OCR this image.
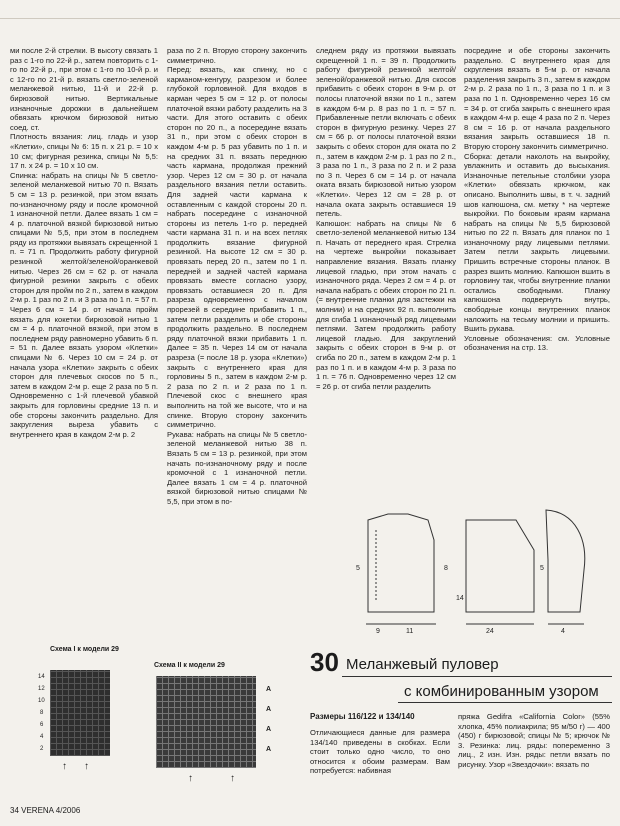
ми после 2-й стрелки. В высоту связать 1 раз с 1-го по 22-й р., затем повторить с 1-го по 22-й р., при этом с 1-го по 10-й р. и с 12-го по 21-й р. вязать светло-зеленой меланжевой нитью, 11-й и 22-й р. бирюзовой нитью. Вертикальные изнаночные дорожки в дальнейшем обвязать крючком бирюзовой нитью соед. ст.

Плотность вязания: лиц. гладь и узор «Клетки», спицы № 6: 15 п. х 21 р. = 10 х 10 см; фигурная резинка, спицы № 5,5: 17 п. х 24 р. = 10 х 10 см.

Спинка: набрать на спицы № 5 светло-зеленой меланжевой нитью 70 п. Вязать 5 см = 13 р. резинкой, при этом вязать по-изнаночному ряду и после кромочной 1 изнаночной петли. Далее вязать 1 см = 4 р. платочной вязкой бирюзовой нитью спицами № 5,5, при этом в последнем ряду из протяжки вывязать скрещенной 1 п. = 71 п. Продолжить работу фигурной резинкой желтой/зеленой/оранжевой нитью. Через 26 см = 62 р. от начала фигурной резинки закрыть с обеих сторон для пройм по 2 п., затем в каждом 2-м р. 1 раз по 2 п. и 3 раза по 1 п. = 57 п. Через 6 см = 14 р. от начала пройм вязать для кокетки бирюзовой нитью 1 см = 4 р. платочной вязкой, при этом в последнем ряду равномерно убавить 6 п. = 51 п. Далее вязать узором «Клетки» спицами № 6. Через 10 см = 24 р. от начала узора «Клетки» закрыть с обеих сторон для плечевых скосов по 5 п., затем в каждом 2-м р. еще 2 раза по 5 п. Одновременно с 1-й плечевой убавкой закрыть для горловины средние 13 п. и обе стороны закончить раздельно. Для закругления выреза убавить с внутреннего края в каждом 2-м р. 2

раза по 2 п. Вторую сторону закончить симметрично.

Перед: вязать, как спинку, но с карманом-кенгуру, разрезом и более глубокой горловиной. Для входов в карман через 5 см = 12 р. от полосы платочной вязки работу разделить на 3 части. Для этого оставить с обеих сторон по 20 п., а посередине вязать 31 п., при этом с обеих сторон в каждом 4-м р. 5 раз убавить по 1 п. и на средних 31 п. вязать переднюю часть кармана, продолжая прежний узор. Через 12 см = 30 р. от начала раздельного вязания петли оставить. Для задней части кармана к оставленным с каждой стороны 20 п. набрать посередине с изнаночной стороны из петель 1-го р. передней части кармана 31 п. и на всех петлях продолжить вязание фигурной резинкой. На высоте 12 см = 30 р. провязать перед 20 п., затем по 1 п. передней и задней частей кармана провязать вместе согласно узору, провязать оставшиеся 20 п. Для разреза одновременно с началом прорезей в середине прибавить 1 п., затем петли разделить и обе стороны продолжить раздельно. В последнем ряду платочной вязки прибавить 1 п. Далее = 35 п. Через 14 см от начала разреза (= после 18 р. узора «Клетки») закрыть с внутреннего края для горловины 5 п., затем в каждом 2-м р. 2 раза по 2 п. и 2 раза по 1 п. Плечевой скос с внешнего края выполнить на той же высоте, что и на спинке. Вторую сторону закончить симметрично.

Рукава: набрать на спицы № 5 светло-зеленой меланжевой нитью 38 п. Вязать 5 см = 13 р. резинкой, при этом начать по-изнаночному ряду и после кромочной с 1 изнаночной петли. Далее вязать 1 см = 4 р. платочной вязкой бирюзовой нитью спицами № 5,5, при этом в по-

следнем ряду из протяжки вывязать скрещенной 1 п. = 39 п. Продолжить работу фигурной резинкой желтой/зеленой/оранжевой нитью. Для скосов прибавить с обеих сторон в 9-м р. от полосы платочной вязки по 1 п., затем в каждом 6-м р. 8 раз по 1 п. = 57 п. Прибавленные петли включать с обеих сторон в фигурную резинку. Через 27 см = 66 р. от полосы платочной вязки закрыть с обеих сторон для оката по 2 п., затем в каждом 2-м р. 1 раз по 2 п., 3 раза по 1 п., 3 раза по 2 п. и 2 раза по 3 п. Через 6 см = 14 р. от начала оката вязать бирюзовой нитью узором «Клетки». Через 12 см = 28 р. от начала оката закрыть оставшиеся 19 петель.

Капюшон: набрать на спицы № 6 светло-зеленой меланжевой нитью 134 п. Начать от переднего края. Стрелка на чертеже выкройки показывает направление вязания. Вязать планку лицевой гладью, при этом начать с изнаночного ряда. Через 2 см = 4 р. от начала набрать с обеих сторон по 21 п. (= внутренние планки для застежки на молнии) и на средних 92 п. выполнить для сгиба 1 изнаночный ряд лицевыми петлями. Затем продолжить работу лицевой гладью. Для закруглений закрыть с обеих сторон в 9-м р. от сгиба по 20 п., затем в каждом 2-м р. 1 раз по 1 п. и в каждом 4-м р. 3 раза по 1 п. = 76 п. Одновременно через 12 см = 26 р. от сгиба петли разделить

посредине и обе стороны закончить раздельно. С внутреннего края для скругления вязать в 5-м р. от начала разделения закрыть 3 п., затем в каждом 2-м р. 2 раза по 1 п., 3 раза по 1 п. и 3 раза по 1 п. Одновременно через 16 см = 34 р. от сгиба закрыть с внешнего края в каждом 4-м р. еще 4 раза по 2 п. Через 8 см = 16 р. от начала раздельного вязания закрыть оставшиеся 18 п. Вторую сторону закончить симметрично.

Сборка: детали наколоть на выкройку, увлажнить и оставить до высыхания. Изнаночные петельные столбики узора «Клетки» обвязать крючком, как описано. Выполнить швы, в т. ч. задний шов капюшона, см. метку * на чертеже выкройки. По боковым краям кармана набрать на спицы № 5,5 бирюзовой нитью по 22 п. Вязать для планок по 1 изнаночному ряду лицевыми петлями. Затем петли закрыть лицевыми. Пришить встречные стороны планок. В разрез вшить молнию. Капюшон вшить в горловину так, чтобы внутренние планки остались свободными. Планку капюшона подвернуть внутрь, свободные концы внутренних планок наложить на тесьму молнии и пришить. Вшить рукава.

Условные обозначения: см. Условные обозначения на стр. 13.

9	11	24	4
5	8
14
5
Схема I к модели 29
14
12
10
8
6
4
2
↑ ↑
Схема II к модели 29
A
A
A
A
↑	↑
30 Меланжевый пуловер
с комбинированным узором
Размеры 116/122 и 134/140
Отличающиеся данные для размера 134/140 приведены в скобках. Если стоит только одно число, то оно относится к обоим размерам. Вам потребуется: набивная
пряжа Gedifra «California Color» (55% хлопка, 45% полиакрила; 95 м/50 г) — 400 (450) г бирюзовой; спицы № 5; крючок № 3. Резинка: лиц. ряды: попеременно 3 лиц., 2 изн. Изн. ряды: петли вязать по рисунку. Узор «Звездочки»: вязать по
34 VERENA 4/2006
